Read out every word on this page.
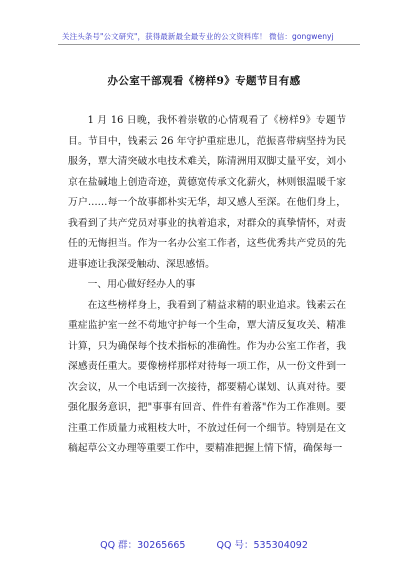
关注头条号"公文研究"，获得最新最全最专业的公文资料库！ 微信：gongwenyj
办公室干部观看《榜样9》专题节目有感

1 月 16 日晚，我怀着崇敬的心情观看了《榜样9》专题节目。节目中，钱素云 26 年守护重症患儿，范振喜带病坚持为民服务，覃大清突破水电技术难关，陈清洲用双脚丈量平安，刘小京在盐碱地上创造奇迹，黄德宽传承文化薪火，林则银温暖千家万户……每一个故事都朴实无华，却又感人至深。在他们身上，我看到了共产党员对事业的执着追求，对群众的真挚情怀，对责任的无悔担当。作为一名办公室工作者，这些优秀共产党员的先进事迹让我深受触动、深思感悟。

一、用心做好经办人的事

在这些榜样身上，我看到了精益求精的职业追求。钱素云在重症监护室一丝不苟地守护每一个生命，覃大清反复攻关、精准计算，只为确保每个技术指标的准确性。作为办公室工作者，我深感责任重大。要像榜样那样对待每一项工作，从一份文件到一次会议，从一个电话到一次接待，都要精心谋划、认真对待。要强化服务意识，把"事事有回音、件件有着落"作为工作准则。要注重工作质量力戒粗枝大叶，不放过任何一个细节。特别是在文稿起草公文办理等重要工作中，要精准把握上情下情，确保每一

QQ 群：30265665	QQ 号：535304092
